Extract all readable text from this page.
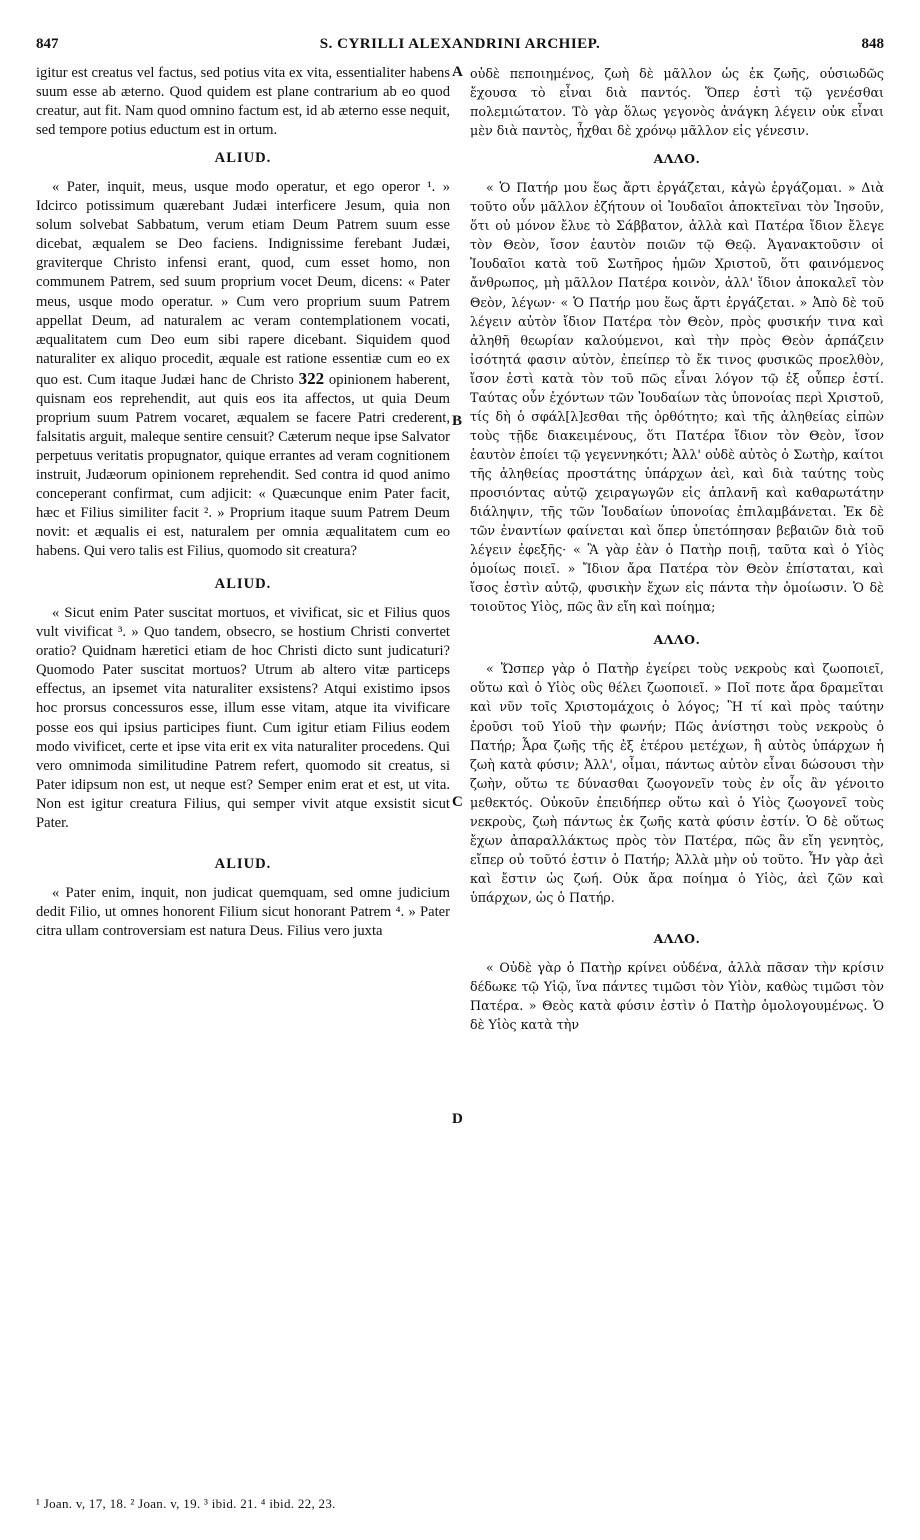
847	S. CYRILLI ALEXANDRINI ARCHIEP.	848

igitur est creatus vel factus, sed potius vita ex vita, essentialiter habens suum esse ab æterno. Quod quidem est plane contrarium ab eo quod creatur, aut fit. Nam quod omnino factum est, id ab æterno esse nequit, sed tempore potius eductum est in ortum.

ALIUD.

« Pater, inquit, meus, usque modo operatur, et ego operor ¹. » Idcirco potissimum quærebant Judæi interficere Jesum, quia non solum solvebat Sabbatum, verum etiam Deum Patrem suum esse dicebat, æqualem se Deo faciens. Indignissime ferebant Judæi, graviterque Christo infensi erant, quod, cum esset homo, non communem Patrem, sed suum proprium vocet Deum, dicens: « Pater meus, usque modo operatur. » Cum vero proprium suum Patrem appellat Deum, ad naturalem ac veram contemplationem vocati, æqualitatem cum Deo eum sibi rapere dicebant. Siquidem quod naturaliter ex aliquo procedit, æquale est ratione essentiæ cum eo ex quo est. Cum itaque Judæi hanc de Christo 322 opinionem haberent, quisnam eos reprehendit, aut quis eos ita affectos, ut quia Deum proprium suum Patrem vocaret, æqualem se facere Patri crederent, falsitatis arguit, maleque sentire censuit? Cæterum neque ipse Salvator perpetuus veritatis propugnator, quique errantes ad veram cognitionem instruit, Judæorum opinionem reprehendit. Sed contra id quod animo conceperant confirmat, cum adjicit: « Quæcunque enim Pater facit, hæc et Filius similiter facit ². » Proprium itaque suum Patrem Deum novit: et æqualis ei est, naturalem per omnia æqualitatem cum eo habens. Qui vero talis est Filius, quomodo sit creatura?

ALIUD.

« Sicut enim Pater suscitat mortuos, et vivificat, sic et Filius quos vult vivificat ³. » Quo tandem, obsecro, se hostium Christi convertet oratio? Quidnam hæretici etiam de hoc Christi dicto sunt judicaturi? Quomodo Pater suscitat mortuos? Utrum ab altero vitæ particeps effectus, an ipsemet vita naturaliter exsistens? Atqui existimo ipsos hoc prorsus concessuros esse, illum esse vitam, atque ita vivificare posse eos qui ipsius participes fiunt. Cum igitur etiam Filius eodem modo vivificet, certe et ipse vita erit ex vita naturaliter procedens. Qui vero omnimoda similitudine Patrem refert, quomodo sit creatus, si Pater idipsum non est, ut neque est? Semper enim erat et est, ut vita. Non est igitur creatura Filius, qui semper vivit atque exsistit sicut Pater.

ALIUD.

« Pater enim, inquit, non judicat quemquam, sed omne judicium dedit Filio, ut omnes honorent Filium sicut honorant Patrem ⁴. » Pater citra ullam controversiam est natura Deus. Filius vero juxta

A
B
C
D

οὐδὲ πεποιημένος, ζωὴ δὲ μᾶλλον ὡς ἐκ ζωῆς, οὐσιωδῶς ἔχουσα τὸ εἶναι διὰ παντός. Ὅπερ ἐστὶ τῷ γενέσθαι πολεμιώτατον. Τὸ γὰρ ὅλως γεγονὸς ἀνάγκη λέγειν οὐκ εἶναι μὲν διὰ παντὸς, ἦχθαι δὲ χρόνῳ μᾶλλον εἰς γένεσιν.

ΑΛΛΟ.

« Ὁ Πατήρ μου ἕως ἄρτι ἐργάζεται, κἀγὼ ἐργάζομαι. » Διὰ τοῦτο οὖν μᾶλλον ἐζήτουν οἱ Ἰουδαῖοι ἀποκτεῖναι τὸν Ἰησοῦν, ὅτι οὐ μόνον ἔλυε τὸ Σάββατον, ἀλλὰ καὶ Πατέρα ἴδιον ἔλεγε τὸν Θεὸν, ἴσον ἑαυτὸν ποιῶν τῷ Θεῷ. Ἀγανακτοῦσιν οἱ Ἰουδαῖοι κατὰ τοῦ Σωτῆρος ἡμῶν Χριστοῦ, ὅτι φαινόμενος ἄνθρωπος, μὴ μᾶλλον Πατέρα κοινὸν, ἀλλ' ἴδιον ἀποκαλεῖ τὸν Θεὸν, λέγων· « Ὁ Πατήρ μου ἕως ἄρτι ἐργάζεται. » Ἀπὸ δὲ τοῦ λέγειν αὐτὸν ἴδιον Πατέρα τὸν Θεὸν, πρὸς φυσικήν τινα καὶ ἀληθῆ θεωρίαν καλούμενοι, καὶ τὴν πρὸς Θεὸν ἁρπάζειν ἰσότητά φασιν αὐτὸν, ἐπείπερ τὸ ἔκ τινος φυσικῶς προελθὸν, ἴσον ἐστὶ κατὰ τὸν τοῦ πῶς εἶναι λόγον τῷ ἐξ οὗπερ ἐστί. Ταύτας οὖν ἐχόντων τῶν Ἰουδαίων τὰς ὑπονοίας περὶ Χριστοῦ, τίς δὴ ὁ σφάλ[λ]εσθαι τῆς ὀρθότητο; καὶ τῆς ἀληθείας εἰπὼν τοὺς τῇδε διακειμένους, ὅτι Πατέρα ἴδιον τὸν Θεὸν, ἴσον ἑαυτὸν ἐποίει τῷ γεγεννηκότι; Ἀλλ' οὐδὲ αὐτὸς ὁ Σωτὴρ, καίτοι τῆς ἀληθείας προστάτης ὑπάρχων ἀεὶ, καὶ διὰ ταύτης τοὺς προσιόντας αὐτῷ χειραγωγῶν εἰς ἀπλανῆ καὶ καθαρωτάτην διάληψιν, τῆς τῶν Ἰουδαίων ὑπονοίας ἐπιλαμβάνεται. Ἐκ δὲ τῶν ἐναντίων φαίνεται καὶ ὅπερ ὑπετόπησαν βεβαιῶν διὰ τοῦ λέγειν ἐφεξῆς· « Ἃ γὰρ ἐὰν ὁ Πατὴρ ποιῇ, ταῦτα καὶ ὁ Υἱὸς ὁμοίως ποιεῖ. » Ἴδιον ἄρα Πατέρα τὸν Θεὸν ἐπίσταται, καὶ ἴσος ἐστὶν αὐτῷ, φυσικὴν ἔχων εἰς πάντα τὴν ὁμοίωσιν. Ὁ δὲ τοιοῦτος Υἱὸς, πῶς ἂν εἴη καὶ ποίημα;

ΑΛΛΟ.

« Ὥσπερ γὰρ ὁ Πατὴρ ἐγείρει τοὺς νεκροὺς καὶ ζωοποιεῖ, οὕτω καὶ ὁ Υἱὸς οὓς θέλει ζωοποιεῖ. » Ποῖ ποτε ἄρα δραμεῖται καὶ νῦν τοῖς Χριστομάχοις ὁ λόγος; Ἢ τί καὶ πρὸς ταύτην ἐροῦσι τοῦ Υἱοῦ τὴν φωνήν; Πῶς ἀνίστησι τοὺς νεκροὺς ὁ Πατήρ; Ἆρα ζωῆς τῆς ἐξ ἑτέρου μετέχων, ἢ αὐτὸς ὑπάρχων ἡ ζωὴ κατὰ φύσιν; Ἀλλ', οἶμαι, πάντως αὐτὸν εἶναι δώσουσι τὴν ζωὴν, οὕτω τε δύνασθαι ζωογονεῖν τοὺς ἐν οἷς ἂν γένοιτο μεθεκτός. Οὐκοῦν ἐπειδήπερ οὕτω καὶ ὁ Υἱὸς ζωογονεῖ τοὺς νεκροὺς, ζωὴ πάντως ἐκ ζωῆς κατὰ φύσιν ἐστίν. Ὁ δὲ οὕτως ἔχων ἀπαραλλάκτως πρὸς τὸν Πατέρα, πῶς ἂν εἴη γενητὸς, εἴπερ οὐ τοῦτό ἐστιν ὁ Πατήρ; Ἀλλὰ μὴν οὐ τοῦτο. Ἦν γὰρ ἀεὶ καὶ ἔστιν ὡς ζωή. Οὐκ ἄρα ποίημα ὁ Υἱὸς, ἀεὶ ζῶν καὶ ὑπάρχων, ὡς ὁ Πατήρ.

ΑΛΛΟ.

« Οὐδὲ γὰρ ὁ Πατὴρ κρίνει οὐδένα, ἀλλὰ πᾶσαν τὴν κρίσιν δέδωκε τῷ Υἱῷ, ἵνα πάντες τιμῶσι τὸν Υἱὸν, καθὼς τιμῶσι τὸν Πατέρα. » Θεὸς κατὰ φύσιν ἐστὶν ὁ Πατὴρ ὁμολογουμένως. Ὁ δὲ Υἱὸς κατὰ τὴν

¹ Joan. v, 17, 18. ² Joan. v, 19. ³ ibid. 21. ⁴ ibid. 22, 23.
